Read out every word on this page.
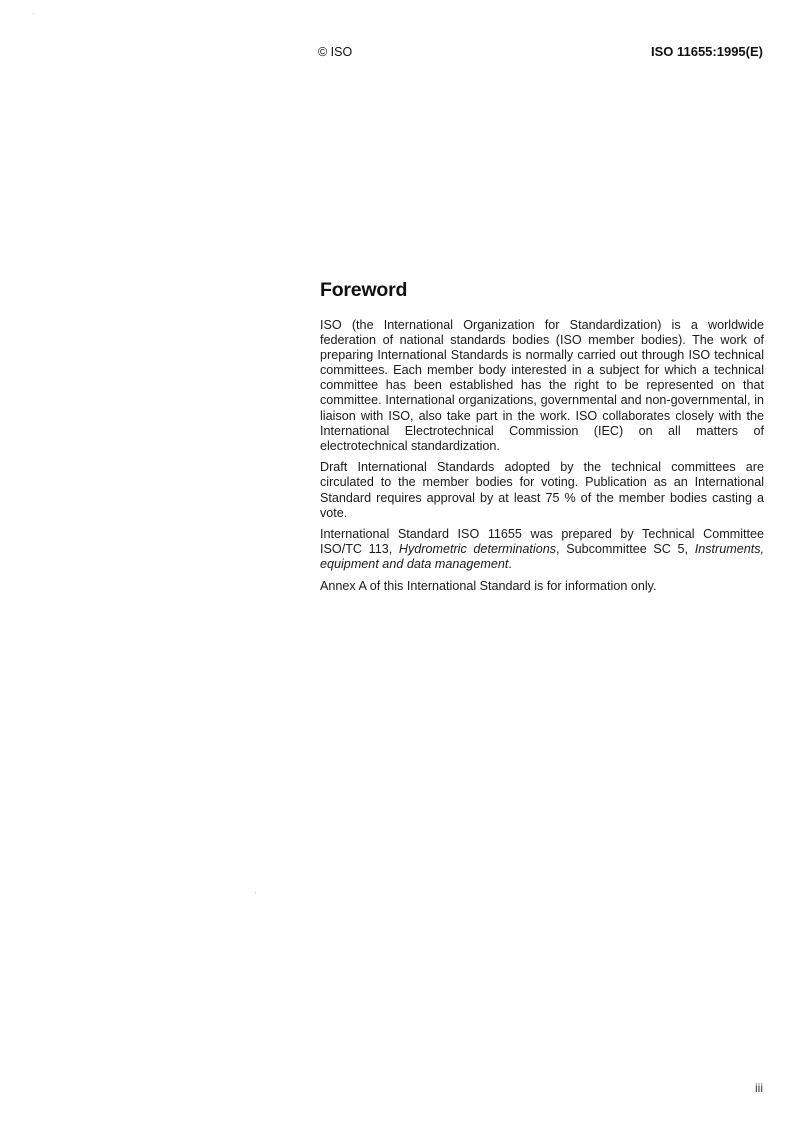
© ISO	ISO 11655:1995(E)
Foreword

ISO (the International Organization for Standardization) is a worldwide federation of national standards bodies (ISO member bodies). The work of preparing International Standards is normally carried out through ISO technical committees. Each member body interested in a subject for which a technical committee has been established has the right to be represented on that committee. International organizations, governmental and non-governmental, in liaison with ISO, also take part in the work. ISO collaborates closely with the International Electrotechnical Commission (IEC) on all matters of electrotechnical standardization.

Draft International Standards adopted by the technical committees are circulated to the member bodies for voting. Publication as an International Standard requires approval by at least 75 % of the member bodies casting a vote.

International Standard ISO 11655 was prepared by Technical Committee ISO/TC 113, Hydrometric determinations, Subcommittee SC 5, Instruments, equipment and data management.

Annex A of this International Standard is for information only.

iii
